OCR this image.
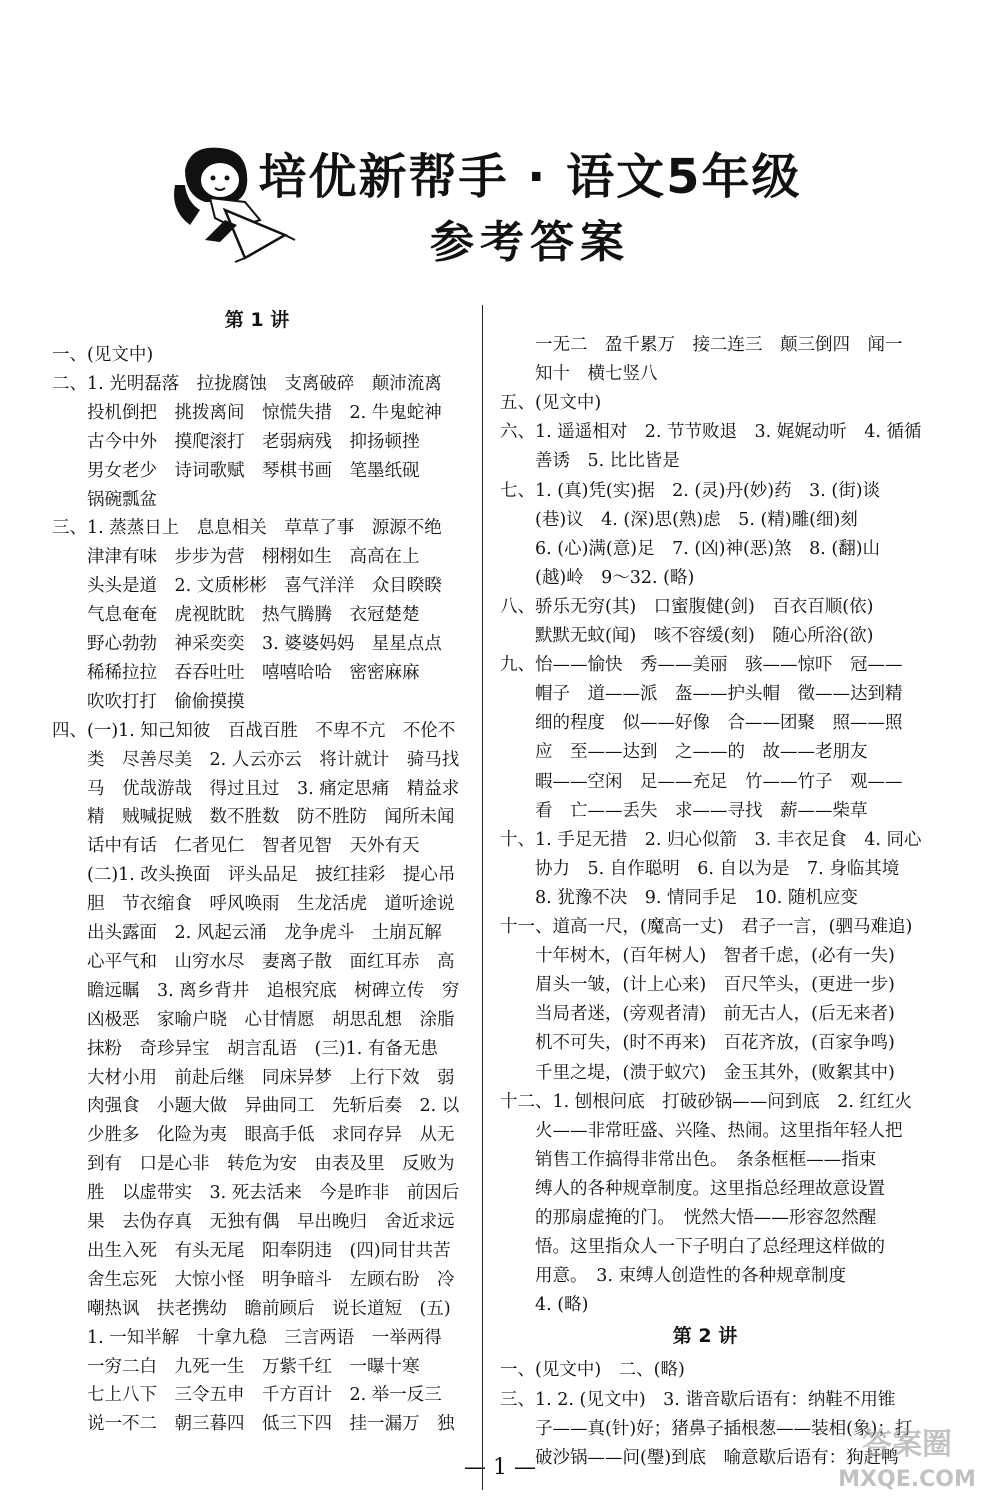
培优新帮手 · 语文5年级
参考答案
第 1 讲
一、(见文中)
二、1. 光明磊落　拉拢腐蚀　支离破碎　颠沛流离
　　投机倒把　挑拨离间　惊慌失措　2. 牛鬼蛇神
　　古今中外　摸爬滚打　老弱病残　抑扬顿挫
　　男女老少　诗词歌赋　琴棋书画　笔墨纸砚
　　锅碗瓢盆
三、1. 蒸蒸日上　息息相关　草草了事　源源不绝
　　津津有味　步步为营　栩栩如生　高高在上
　　头头是道　2. 文质彬彬　喜气洋洋　众目睽睽
　　气息奄奄　虎视眈眈　热气腾腾　衣冠楚楚
　　野心勃勃　神采奕奕　3. 婆婆妈妈　星星点点
　　稀稀拉拉　吞吞吐吐　嘻嘻哈哈　密密麻麻
　　吹吹打打　偷偷摸摸
四、(一)1. 知己知彼　百战百胜　不卑不亢　不伦不
　　类　尽善尽美　2. 人云亦云　将计就计　骑马找
　　马　优哉游哉　得过且过　3. 痛定思痛　精益求
　　精　贼喊捉贼　数不胜数　防不胜防　闻所未闻
　　话中有话　仁者见仁　智者见智　天外有天
　　(二)1. 改头换面　评头品足　披红挂彩　提心吊
　　胆　节衣缩食　呼风唤雨　生龙活虎　道听途说
　　出头露面　2. 风起云涌　龙争虎斗　土崩瓦解
　　心平气和　山穷水尽　妻离子散　面红耳赤　高
　　瞻远瞩　3. 离乡背井　追根究底　树碑立传　穷
　　凶极恶　家喻户晓　心甘情愿　胡思乱想　涂脂
　　抹粉　奇珍异宝　胡言乱语　(三)1. 有备无患
　　大材小用　前赴后继　同床异梦　上行下效　弱
　　肉强食　小题大做　异曲同工　先斩后奏　2. 以
　　少胜多　化险为夷　眼高手低　求同存异　从无
　　到有　口是心非　转危为安　由表及里　反败为
　　胜　以虚带实　3. 死去活来　今是昨非　前因后
　　果　去伪存真　无独有偶　早出晚归　舍近求远
　　出生入死　有头无尾　阳奉阴违　(四)同甘共苦
　　舍生忘死　大惊小怪　明争暗斗　左顾右盼　冷
　　嘲热讽　扶老携幼　瞻前顾后　说长道短　(五)
　　1. 一知半解　十拿九稳　三言两语　一举两得
　　一穷二白　九死一生　万紫千红　一曝十寒
　　七上八下　三令五申　千方百计　2. 举一反三
　　说一不二　朝三暮四　低三下四　挂一漏万　独
　　一无二　盈千累万　接二连三　颠三倒四　闻一
　　知十　横七竖八
五、(见文中)
六、1. 遥遥相对　2. 节节败退　3. 娓娓动听　4. 循循
　　善诱　5. 比比皆是
七、1. (真)凭(实)据　2. (灵)丹(妙)药　3. (街)谈
　　(巷)议　4. (深)思(熟)虑　5. (精)雕(细)刻
　　6. (心)满(意)足　7. (凶)神(恶)煞　8. (翻)山
　　(越)岭　9～32. (略)
八、骄乐无穷(其)　口蜜腹健(剑)　百衣百顺(依)
　　默默无蚊(闻)　咳不容缓(刻)　随心所浴(欲)
九、怡——愉快　秀——美丽　骇——惊吓　冠——
　　帽子　道——派　盔——护头帽　徵——达到精
　　细的程度　似——好像　合——团聚　照——照
　　应　至——达到　之——的　故——老朋友
　　暇——空闲　足——充足　竹——竹子　观——
　　看　亡——丢失　求——寻找　薪——柴草
十、1. 手足无措　2. 归心似箭　3. 丰衣足食　4. 同心
　　协力　5. 自作聪明　6. 自以为是　7. 身临其境
　　8. 犹豫不决　9. 情同手足　10. 随机应变
十一、道高一尺，(魔高一丈)　君子一言，(驷马难追)
　　十年树木，(百年树人)　智者千虑，(必有一失)
　　眉头一皱，(计上心来)　百尺竿头，(更进一步)
　　当局者迷，(旁观者清)　前无古人，(后无来者)
　　机不可失，(时不再来)　百花齐放，(百家争鸣)
　　千里之堤，(溃于蚁穴)　金玉其外，(败絮其中)
十二、1. 刨根问底　打破砂锅——问到底　2. 红红火
　　火——非常旺盛、兴隆、热闹。这里指年轻人把
　　销售工作搞得非常出色。　条条框框——指束
　　缚人的各种规章制度。这里指总经理故意设置
　　的那扇虚掩的门。　恍然大悟——形容忽然醒
　　悟。这里指众人一下子明白了总经理这样做的
　　用意。　3. 束缚人创造性的各种规章制度
　　4. (略)
第 2 讲
一、(见文中)　二、(略)
三、1. 2. (见文中)　3. 谐音歇后语有：纳鞋不用锥
　　子——真(针)好；猪鼻子插根葱——装相(象)；打
　　破沙锅——问(璺)到底　喻意歇后语有：狗赶鸭
— 1 —
答案圈
MXQE.COM
